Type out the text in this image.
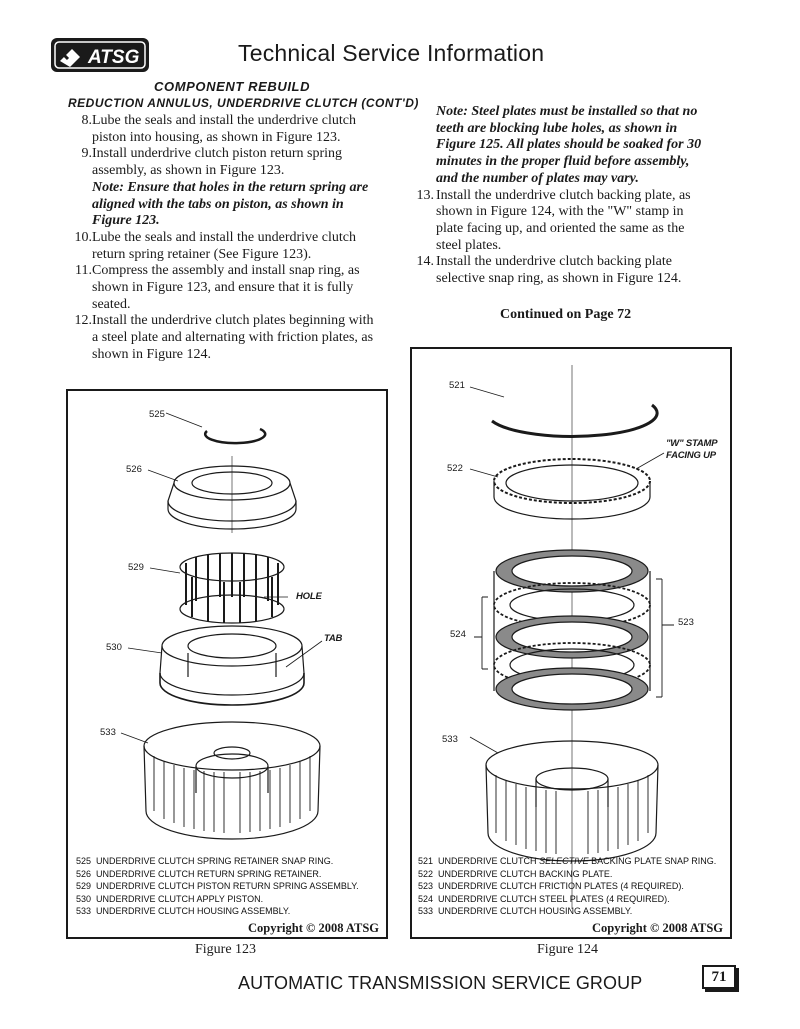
ATSG	Technical Service Information
COMPONENT REBUILD
REDUCTION ANNULUS, UNDERDRIVE CLUTCH (CONT'D)
8. Lube the seals and install the underdrive clutch piston into housing, as shown in Figure 123.
9. Install underdrive clutch piston return spring assembly, as shown in Figure 123.
Note: Ensure that holes in the return spring are aligned with the tabs on piston, as shown in Figure 123.
10. Lube the seals and install the underdrive clutch return spring retainer (See Figure 123).
11. Compress the assembly and install snap ring, as shown in Figure 123, and ensure that it is fully seated.
12. Install the underdrive clutch plates beginning with a steel plate and alternating with friction plates, as shown in Figure 124.
Note: Steel plates must be installed so that no teeth are blocking lube holes, as shown in Figure 125. All plates should be soaked for 30 minutes in the proper fluid before assembly, and the number of plates may vary.
13. Install the underdrive clutch backing plate, as shown in Figure 124, with the "W" stamp in plate facing up, and oriented the same as the steel plates.
14. Install the underdrive clutch backing plate selective snap ring, as shown in Figure 124.
Continued on Page 72
525
526
529
530
533
HOLE
TAB
525 UNDERDRIVE CLUTCH SPRING RETAINER SNAP RING.
526 UNDERDRIVE CLUTCH RETURN SPRING RETAINER.
529 UNDERDRIVE CLUTCH PISTON RETURN SPRING ASSEMBLY.
530 UNDERDRIVE CLUTCH APPLY PISTON.
533 UNDERDRIVE CLUTCH HOUSING ASSEMBLY.
Copyright © 2008 ATSG
Figure 123
521
522
523
524
533
"W" STAMP
FACING UP
521 UNDERDRIVE CLUTCH SELECTIVE BACKING PLATE SNAP RING.
522 UNDERDRIVE CLUTCH BACKING PLATE.
523 UNDERDRIVE CLUTCH FRICTION PLATES (4 REQUIRED).
524 UNDERDRIVE CLUTCH STEEL PLATES (4 REQUIRED).
533 UNDERDRIVE CLUTCH HOUSING ASSEMBLY.
Copyright © 2008 ATSG
Figure 124
AUTOMATIC TRANSMISSION SERVICE GROUP	71
